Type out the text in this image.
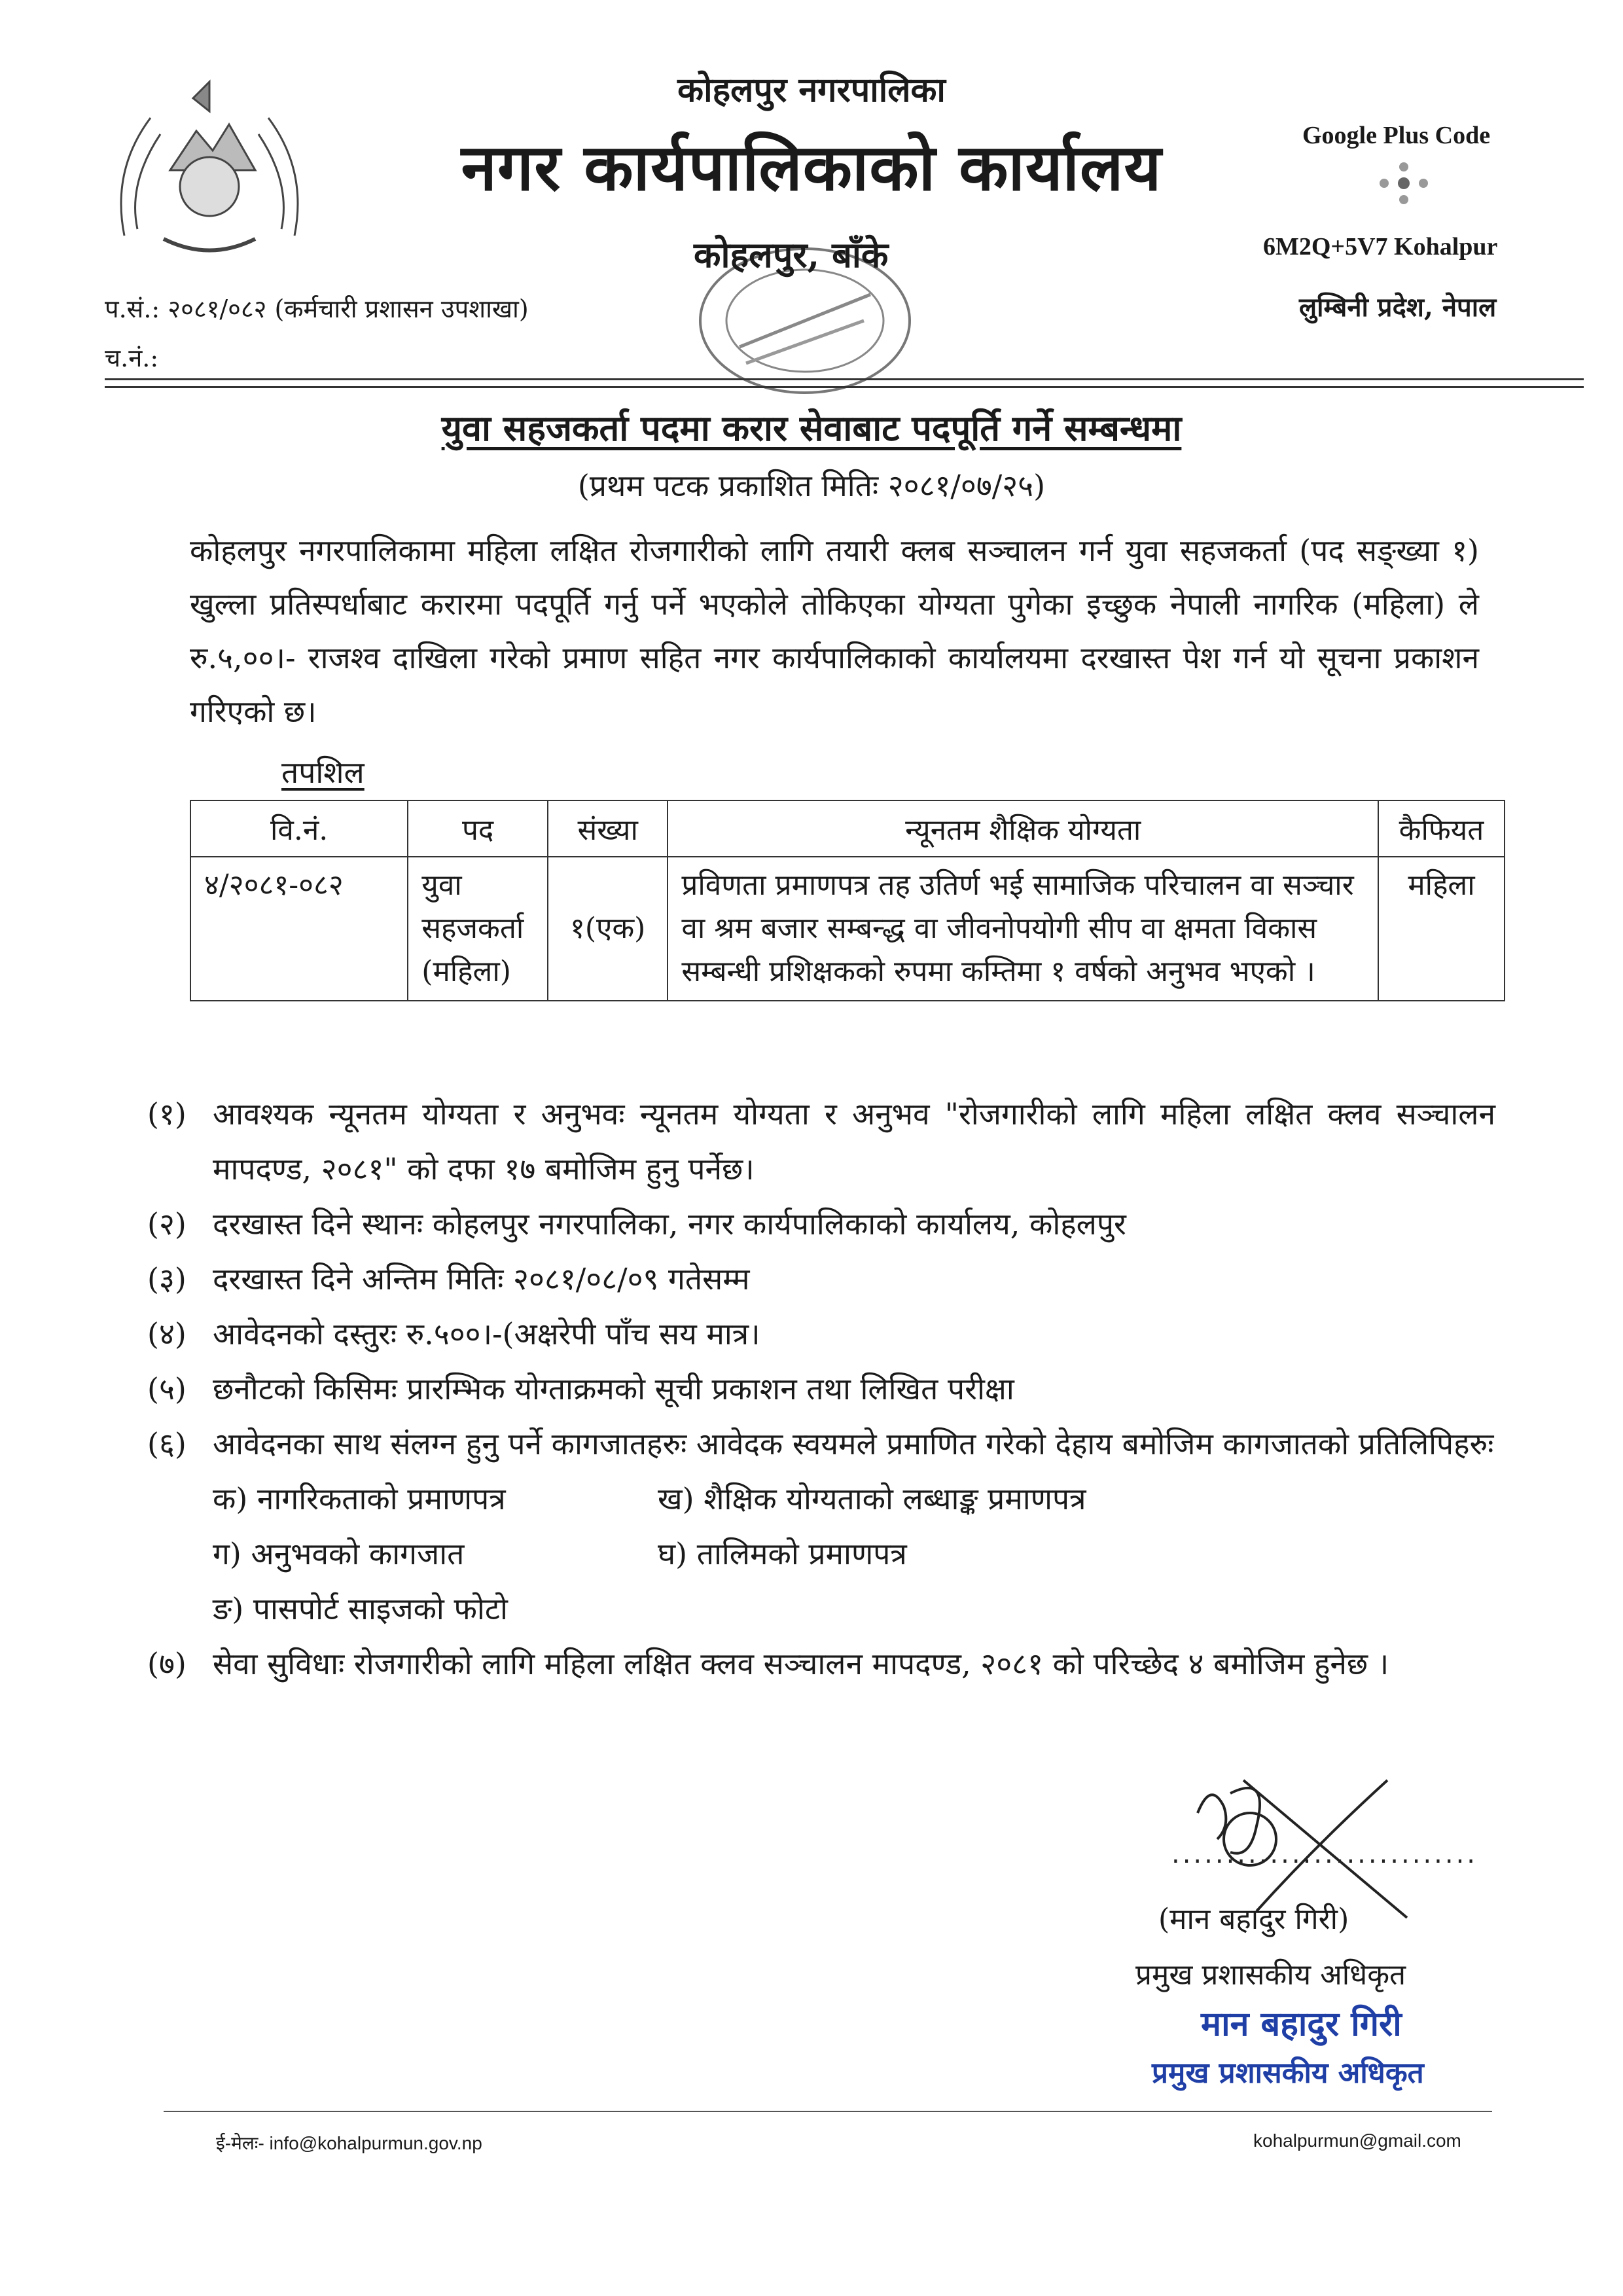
कोहलपुर नगरपालिका
नगर कार्यपालिकाको कार्यालय
कोहलपुर, बाँके
Google Plus Code
6M2Q+5V7 Kohalpur
लुम्बिनी प्रदेश, नेपाल
प.सं.: २०८१/०८२ (कर्मचारी प्रशासन उपशाखा)
च.नं.:
युवा सहजकर्ता पदमा करार सेवाबाट पदपूर्ति गर्ने सम्बन्धमा
(प्रथम पटक प्रकाशित मितिः २०८१/०७/२५)
कोहलपुर नगरपालिकामा महिला लक्षित रोजगारीको लागि तयारी क्लब सञ्चालन गर्न युवा सहजकर्ता (पद सङ्ख्या १) खुल्ला प्रतिस्पर्धाबाट करारमा पदपूर्ति गर्नु पर्ने भएकोले तोकिएका योग्यता पुगेका इच्छुक नेपाली नागरिक (महिला) ले रु.५,००।- राजश्व दाखिला गरेको प्रमाण सहित नगर कार्यपालिकाको कार्यालयमा दरखास्त पेश गर्न यो सूचना प्रकाशन गरिएको छ।
तपशिल
वि.नं.	पद	संख्या	न्यूनतम शैक्षिक योग्यता	कैफियत
४/२०८१-०८२	युवा सहजकर्ता (महिला)	१(एक)	प्रविणता प्रमाणपत्र तह उतिर्ण भई सामाजिक परिचालन वा सञ्चार वा श्रम बजार सम्बन्द्ध वा जीवनोपयोगी सीप वा क्षमता विकास सम्बन्धी प्रशिक्षकको रुपमा कम्तिमा १ वर्षको अनुभव भएको ।	महिला
(१) आवश्यक न्यूनतम योग्यता र अनुभवः न्यूनतम योग्यता र अनुभव "रोजगारीको लागि महिला लक्षित क्लव सञ्चालन मापदण्ड, २०८१" को दफा १७ बमोजिम हुनु पर्नेछ।
(२) दरखास्त दिने स्थानः कोहलपुर नगरपालिका, नगर कार्यपालिकाको कार्यालय, कोहलपुर
(३) दरखास्त दिने अन्तिम मितिः २०८१/०८/०९ गतेसम्म
(४) आवेदनको दस्तुरः रु.५००।-(अक्षरेपी पाँच सय मात्र।
(५) छनौटको किसिमः प्रारम्भिक योग्ताक्रमको सूची प्रकाशन तथा लिखित परीक्षा
(६) आवेदनका साथ संलग्न हुनु पर्ने कागजातहरुः आवेदक स्वयमले प्रमाणित गरेको देहाय बमोजिम कागजातको प्रतिलिपिहरुः
क) नागरिकताको प्रमाणपत्र	ख) शैक्षिक योग्यताको लब्धाङ्क प्रमाणपत्र
ग) अनुभवको कागजात	घ) तालिमको प्रमाणपत्र
ङ) पासपोर्ट साइजको फोटो
(७) सेवा सुविधाः रोजगारीको लागि महिला लक्षित क्लव सञ्चालन मापदण्ड, २०८१ को परिच्छेद ४ बमोजिम हुनेछ ।
............................
(मान बहादुर गिरी)
प्रमुख प्रशासकीय अधिकृत
मान बहादुर गिरी
प्रमुख प्रशासकीय अधिकृत
ई-मेलः- info@kohalpurmun.gov.np	kohalpurmun@gmail.com
